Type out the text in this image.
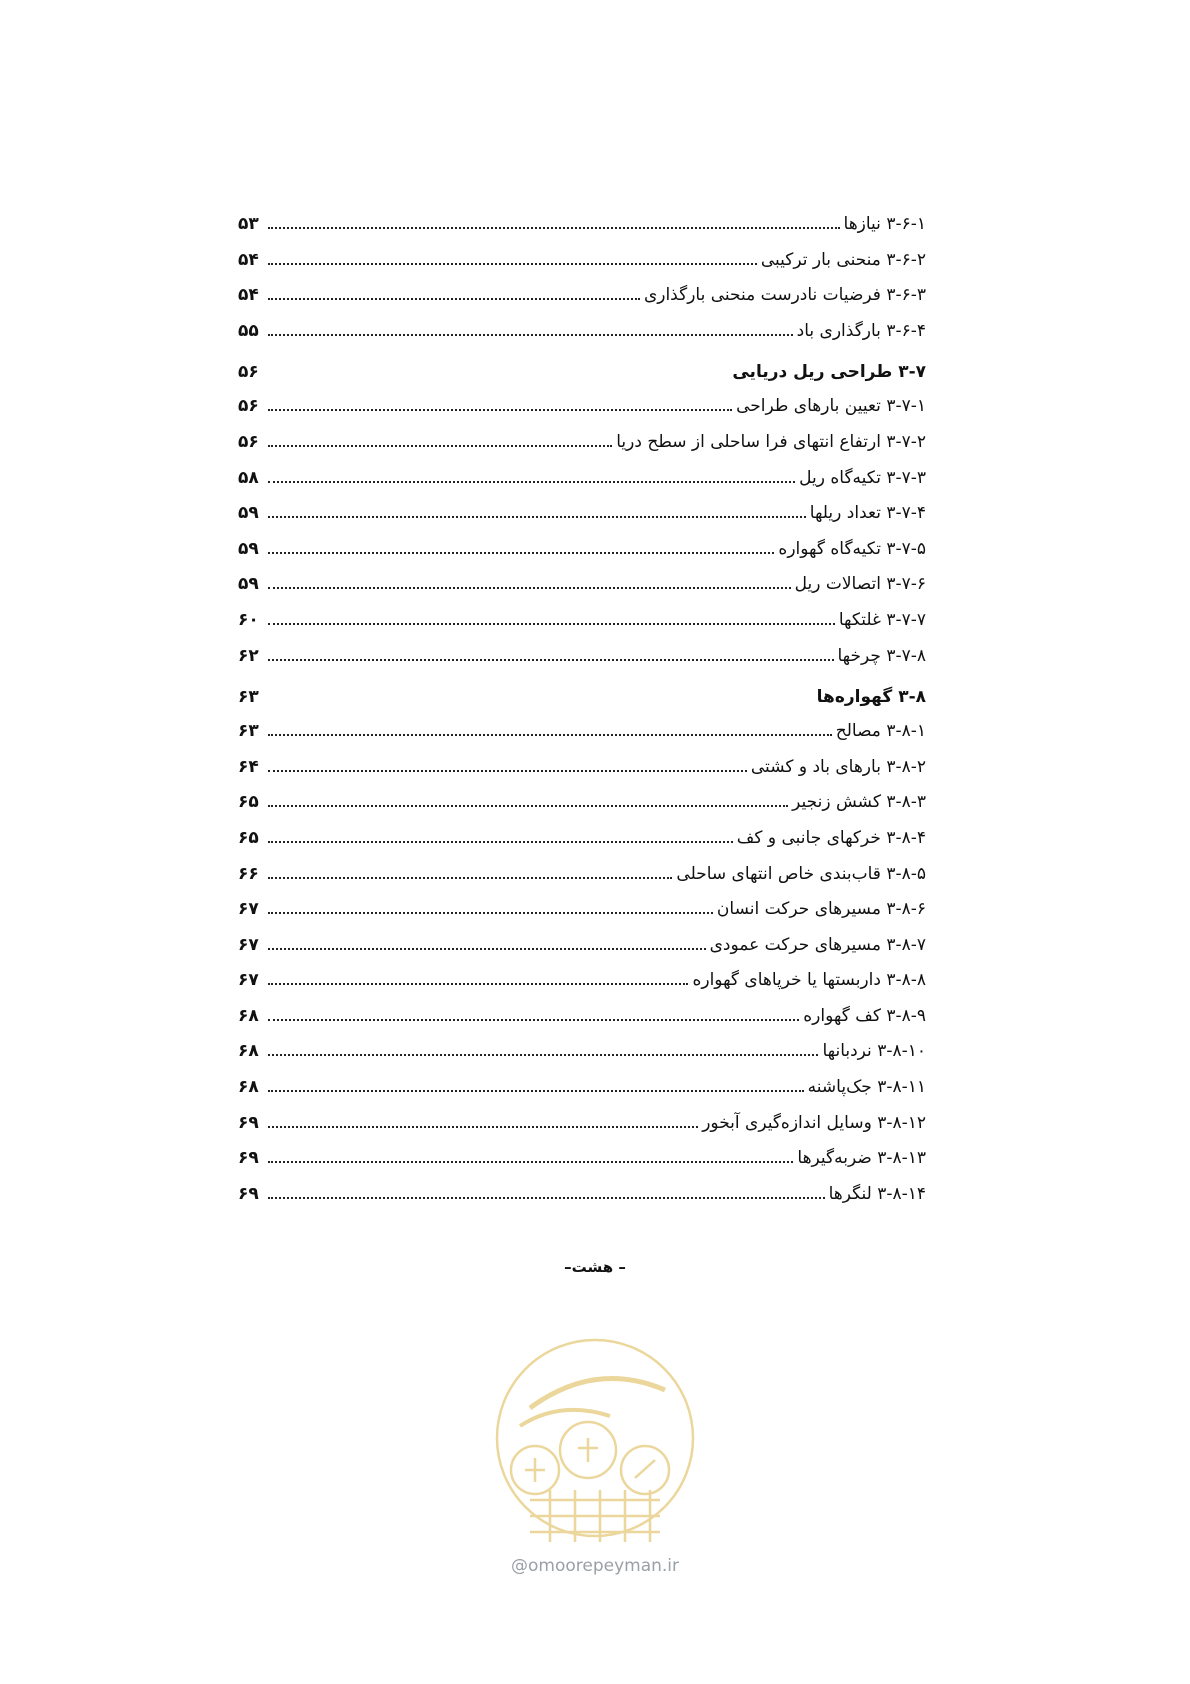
۳-۶-۱ نیازها
۵۳
۳-۶-۲ منحنی بار ترکیبی
۵۴
۳-۶-۳ فرضیات نادرست منحنی بارگذاری
۵۴
۳-۶-۴ بارگذاری باد
۵۵
۳-۷ طراحی ریل دریایی
۵۶
۳-۷-۱ تعیین بارهای طراحی
۵۶
۳-۷-۲ ارتفاع انتهای فرا ساحلی از سطح دریا
۵۶
۳-۷-۳ تکیه‌گاه ریل
۵۸
۳-۷-۴ تعداد ریلها
۵۹
۳-۷-۵ تکیه‌گاه گهواره
۵۹
۳-۷-۶ اتصالات ریل
۵۹
۳-۷-۷ غلتکها
۶۰
۳-۷-۸ چرخها
۶۲
۳-۸ گهواره‌ها
۶۳
۳-۸-۱ مصالح
۶۳
۳-۸-۲ بارهای باد و کشتی
۶۴
۳-۸-۳ کشش زنجیر
۶۵
۳-۸-۴ خرکهای جانبی و کف
۶۵
۳-۸-۵ قاب‌بندی خاص انتهای ساحلی
۶۶
۳-۸-۶ مسیرهای حرکت انسان
۶۷
۳-۸-۷ مسیرهای حرکت عمودی
۶۷
۳-۸-۸ داربستها یا خرپاهای گهواره
۶۷
۳-۸-۹ کف گهواره
۶۸
۳-۸-۱۰ نردبانها
۶۸
۳-۸-۱۱ جک‌پاشنه
۶۸
۳-۸-۱۲ وسایل اندازه‌گیری آبخور
۶۹
۳-۸-۱۳ ضربه‌گیرها
۶۹
۳-۸-۱۴ لنگرها
۶۹
– هشت–
@omoorepeyman.ir
